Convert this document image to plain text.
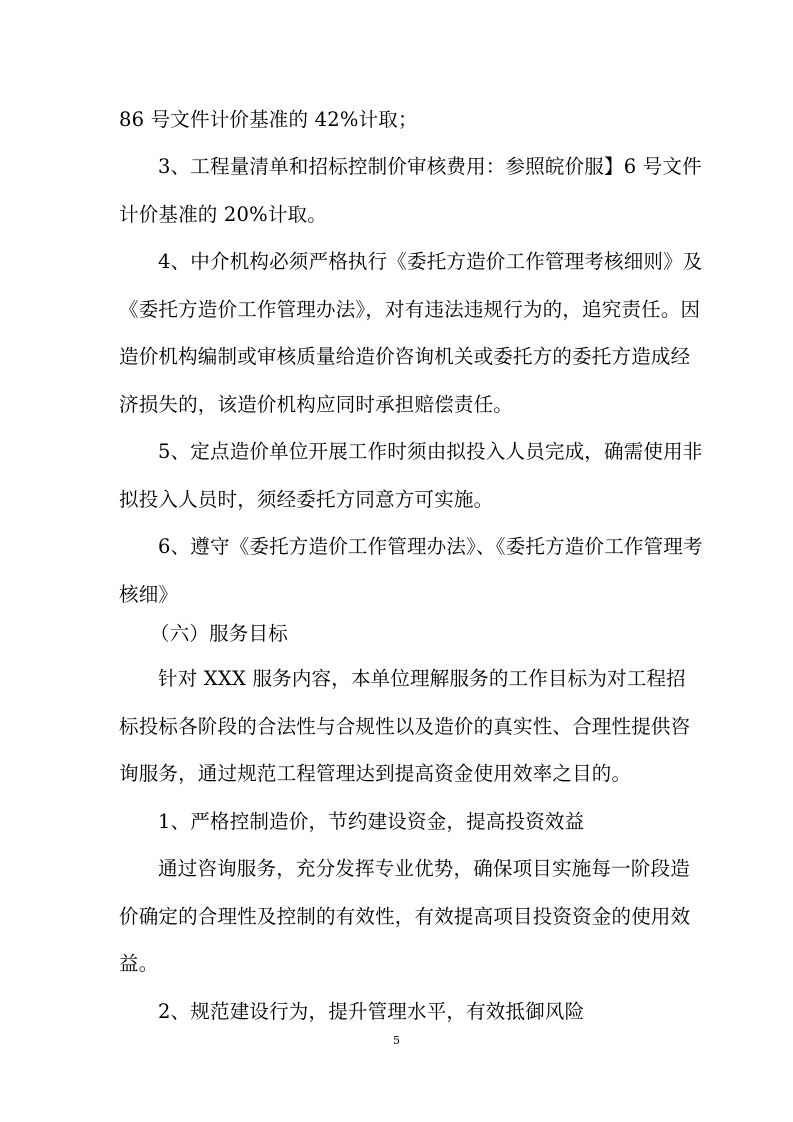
86 号文件计价基准的 42%计取；
3、工程量清单和招标控制价审核费用：参照皖价服】6 号文件
计价基准的 20%计取。
4、中介机构必须严格执行《委托方造价工作管理考核细则》及
《委托方造价工作管理办法》，对有违法违规行为的，追究责任。因
造价机构编制或审核质量给造价咨询机关或委托方的委托方造成经
济损失的，该造价机构应同时承担赔偿责任。
5、定点造价单位开展工作时须由拟投入人员完成，确需使用非
拟投入人员时，须经委托方同意方可实施。
6、遵守《委托方造价工作管理办法》、《委托方造价工作管理考
核细》
（六）服务目标
针对 XXX 服务内容，本单位理解服务的工作目标为对工程招
标投标各阶段的合法性与合规性以及造价的真实性、合理性提供咨
询服务，通过规范工程管理达到提高资金使用效率之目的。
1、严格控制造价，节约建设资金，提高投资效益
通过咨询服务，充分发挥专业优势，确保项目实施每一阶段造
价确定的合理性及控制的有效性，有效提高项目投资资金的使用效
益。
2、规范建设行为，提升管理水平，有效抵御风险
5
